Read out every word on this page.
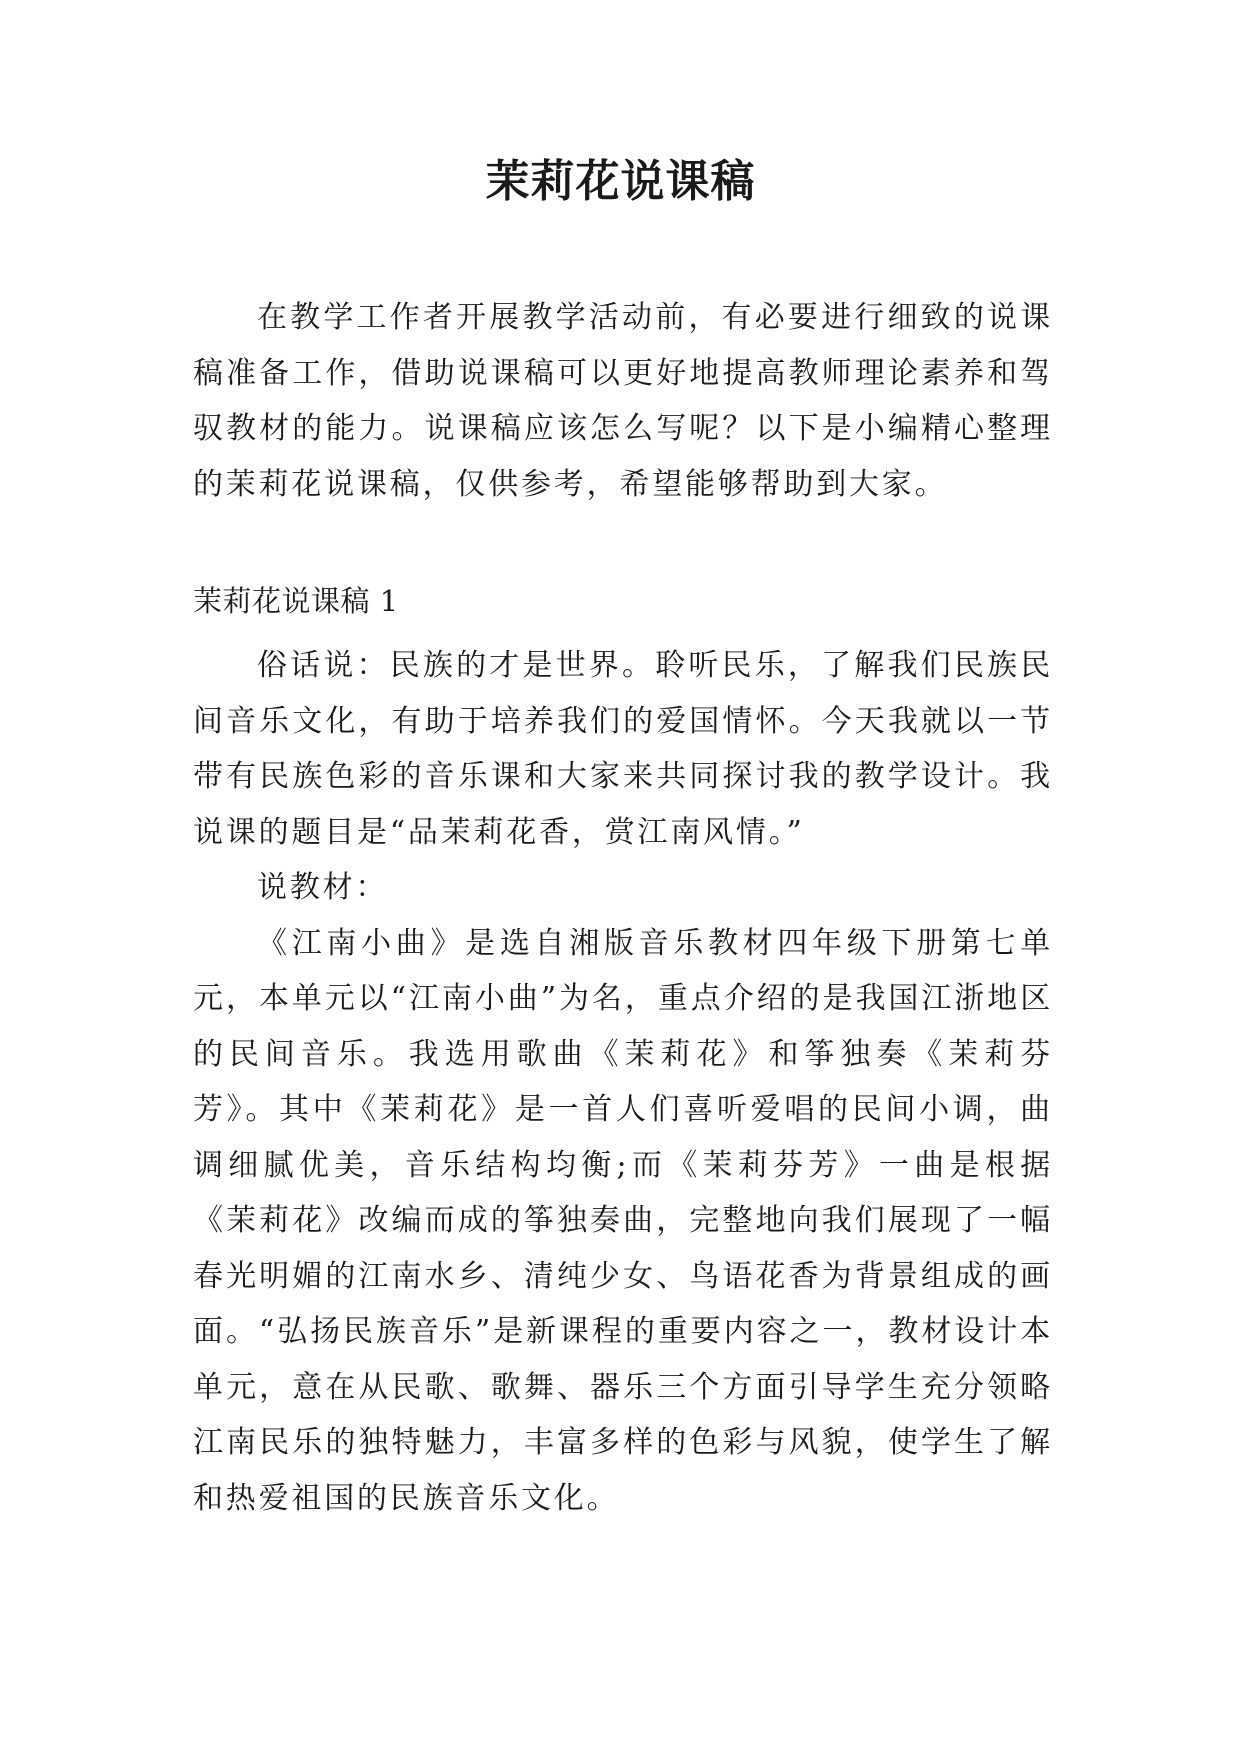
茉莉花说课稿

在教学工作者开展教学活动前，有必要进行细致的说课稿准备工作，借助说课稿可以更好地提高教师理论素养和驾驭教材的能力。说课稿应该怎么写呢？以下是小编精心整理的茉莉花说课稿，仅供参考，希望能够帮助到大家。

茉莉花说课稿 1

俗话说：民族的才是世界。聆听民乐，了解我们民族民间音乐文化，有助于培养我们的爱国情怀。今天我就以一节带有民族色彩的音乐课和大家来共同探讨我的教学设计。我说课的题目是“品茉莉花香，赏江南风情。”

说教材：

《江南小曲》是选自湘版音乐教材四年级下册第七单元，本单元以“江南小曲”为名，重点介绍的是我国江浙地区的民间音乐。我选用歌曲《茉莉花》和筝独奏《茉莉芬芳》。其中《茉莉花》是一首人们喜听爱唱的民间小调，曲调细腻优美，音乐结构均衡;而《茉莉芬芳》一曲是根据《茉莉花》改编而成的筝独奏曲，完整地向我们展现了一幅春光明媚的江南水乡、清纯少女、鸟语花香为背景组成的画面。“弘扬民族音乐”是新课程的重要内容之一，教材设计本单元，意在从民歌、歌舞、器乐三个方面引导学生充分领略江南民乐的独特魅力，丰富多样的色彩与风貌，使学生了解和热爱祖国的民族音乐文化。
